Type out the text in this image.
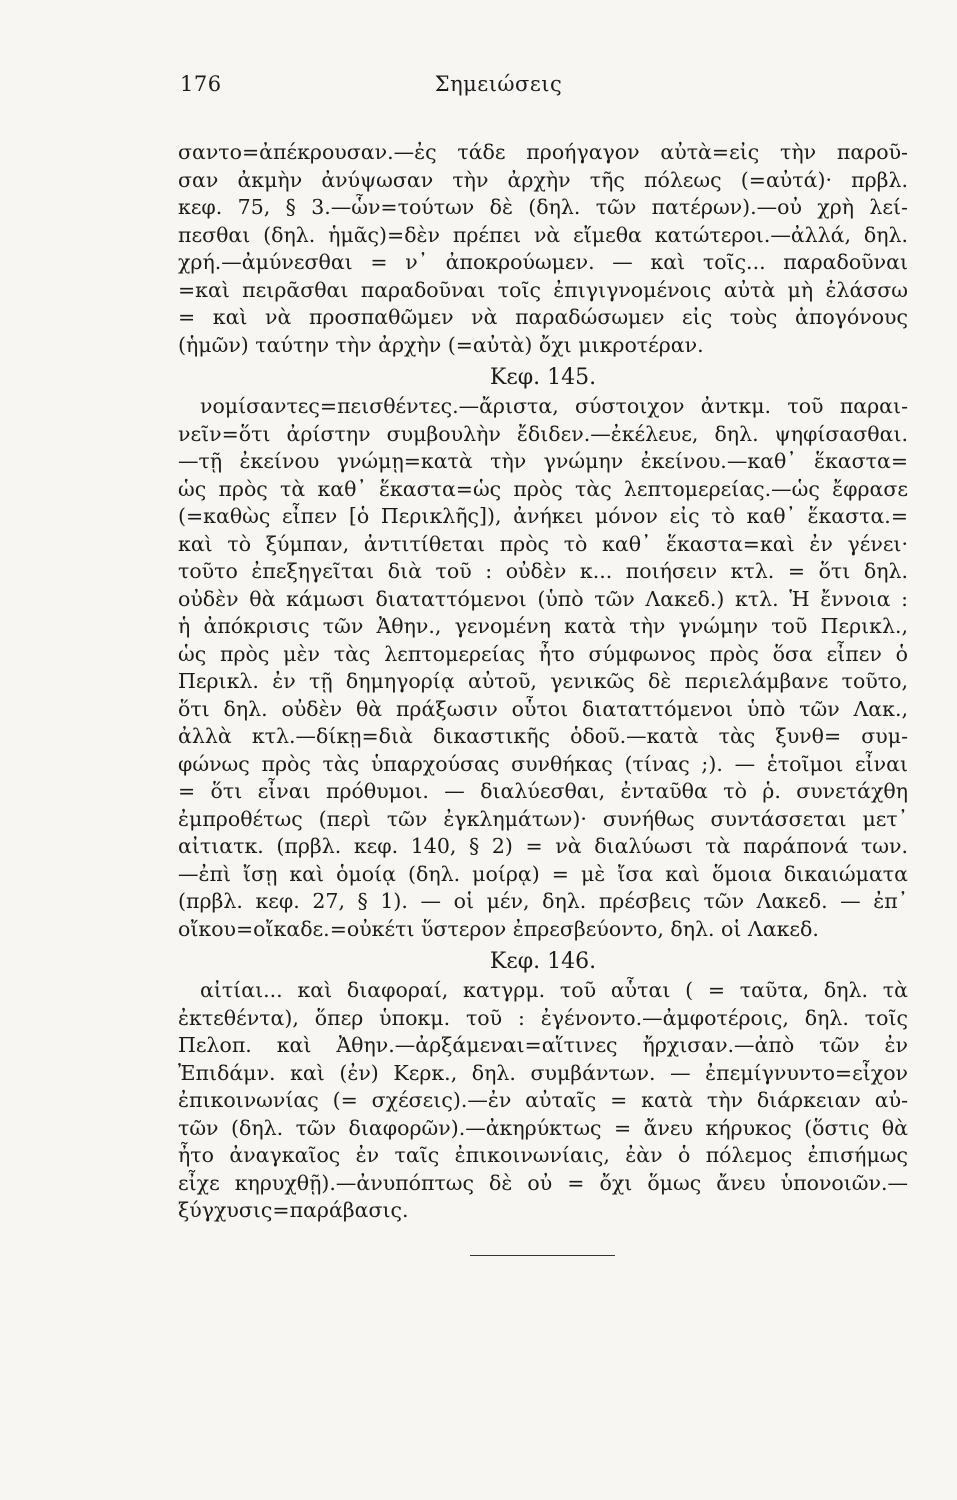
176	Σημειώσεις
σαντο=ἀπέκρουσαν.—ἐς τάδε προήγαγον αὐτὰ=εἰς τὴν παροῦ-
σαν ἀκμὴν ἀνύψωσαν τὴν ἀρχὴν τῆς πόλεως (=αὐτά)· πρβλ.
κεφ. 75, § 3.—ὧν=τούτων δὲ (δηλ. τῶν πατέρων).—οὐ χρὴ λεί-
πεσθαι (δηλ. ἡμᾶς)=δὲν πρέπει νὰ εἴμεθα κατώτεροι.—ἀλλά, δηλ.
χρή.—ἀμύνεσθαι = ν᾿ ἀποκρούωμεν. — καὶ τοῖς... παραδοῦναι
=καὶ πειρᾶσθαι παραδοῦναι τοῖς ἐπιγιγνομένοις αὐτὰ μὴ ἐλάσσω
= καὶ νὰ προσπαθῶμεν νὰ παραδώσωμεν εἰς τοὺς ἀπογόνους
(ἡμῶν) ταύτην τὴν ἀρχὴν (=αὐτὰ) ὄχι μικροτέραν.
Κεφ. 145.
νομίσαντες=πεισθέντες.—ἄριστα, σύστοιχον ἀντκμ. τοῦ παραι-
νεῖν=ὅτι ἀρίστην συμβουλὴν ἔδιδεν.—ἐκέλευε, δηλ. ψηφίσασθαι.
—τῇ ἐκείνου γνώμῃ=κατὰ τὴν γνώμην ἐκείνου.—καθ᾿ ἕκαστα=
ὡς πρὸς τὰ καθ᾿ ἕκαστα=ὡς πρὸς τὰς λεπτομερείας.—ὡς ἔφρασε
(=καθὼς εἶπεν [ὁ Περικλῆς]), ἀνήκει μόνον εἰς τὸ καθ᾿ ἕκαστα.=
καὶ τὸ ξύμπαν, ἀντιτίθεται πρὸς τὸ καθ᾿ ἕκαστα=καὶ ἐν γένει·
τοῦτο ἐπεξηγεῖται διὰ τοῦ : οὐδὲν κ... ποιήσειν κτλ. = ὅτι δηλ.
οὐδὲν θὰ κάμωσι διαταττόμενοι (ὑπὸ τῶν Λακεδ.) κτλ. Ἡ ἔννοια :
ἡ ἀπόκρισις τῶν Ἀθην., γενομένη κατὰ τὴν γνώμην τοῦ Περικλ.,
ὡς πρὸς μὲν τὰς λεπτομερείας ἦτο σύμφωνος πρὸς ὅσα εἶπεν ὁ
Περικλ. ἐν τῇ δημηγορίᾳ αὐτοῦ, γενικῶς δὲ περιελάμβανε τοῦτο,
ὅτι δηλ. οὐδὲν θὰ πράξωσιν οὗτοι διαταττόμενοι ὑπὸ τῶν Λακ.,
ἀλλὰ κτλ.—δίκῃ=διὰ δικαστικῆς ὁδοῦ.—κατὰ τὰς ξυνθ= συμ-
φώνως πρὸς τὰς ὑπαρχούσας συνθήκας (τίνας ;). — ἑτοῖμοι εἶναι
= ὅτι εἶναι πρόθυμοι. — διαλύεσθαι, ἐνταῦθα τὸ ῥ. συνετάχθη
ἐμπροθέτως (περὶ τῶν ἐγκλημάτων)· συνήθως συντάσσεται μετ᾿
αἰτιατκ. (πρβλ. κεφ. 140, § 2) = νὰ διαλύωσι τὰ παράπονά των.
—ἐπὶ ἴσῃ καὶ ὁμοίᾳ (δηλ. μοίρᾳ) = μὲ ἴσα καὶ ὅμοια δικαιώματα
(πρβλ. κεφ. 27, § 1). — οἱ μέν, δηλ. πρέσβεις τῶν Λακεδ. — ἐπ᾿
οἴκου=οἴκαδε.=οὐκέτι ὕστερον ἐπρεσβεύοντο, δηλ. οἱ Λακεδ.
Κεφ. 146.
αἰτίαι... καὶ διαφοραί, κατγρμ. τοῦ αὗται ( = ταῦτα, δηλ. τὰ
ἐκτεθέντα), ὅπερ ὑποκμ. τοῦ : ἐγένοντο.—ἀμφοτέροις, δηλ. τοῖς
Πελοπ. καὶ Ἀθην.—ἀρξάμεναι=αἵτινες ἤρχισαν.—ἀπὸ τῶν ἐν
Ἐπιδάμν. καὶ (ἐν) Κερκ., δηλ. συμβάντων. — ἐπεμίγνυντο=εἶχον
ἐπικοινωνίας (= σχέσεις).—ἐν αὐταῖς = κατὰ τὴν διάρκειαν αὐ-
τῶν (δηλ. τῶν διαφορῶν).—ἀκηρύκτως = ἄνευ κήρυκος (ὅστις θὰ
ἦτο ἀναγκαῖος ἐν ταῖς ἐπικοινωνίαις, ἐὰν ὁ πόλεμος ἐπισήμως
εἶχε κηρυχθῇ).—ἀνυπόπτως δὲ οὐ = ὄχι ὅμως ἄνευ ὑπονοιῶν.—
ξύγχυσις=παράβασις.
